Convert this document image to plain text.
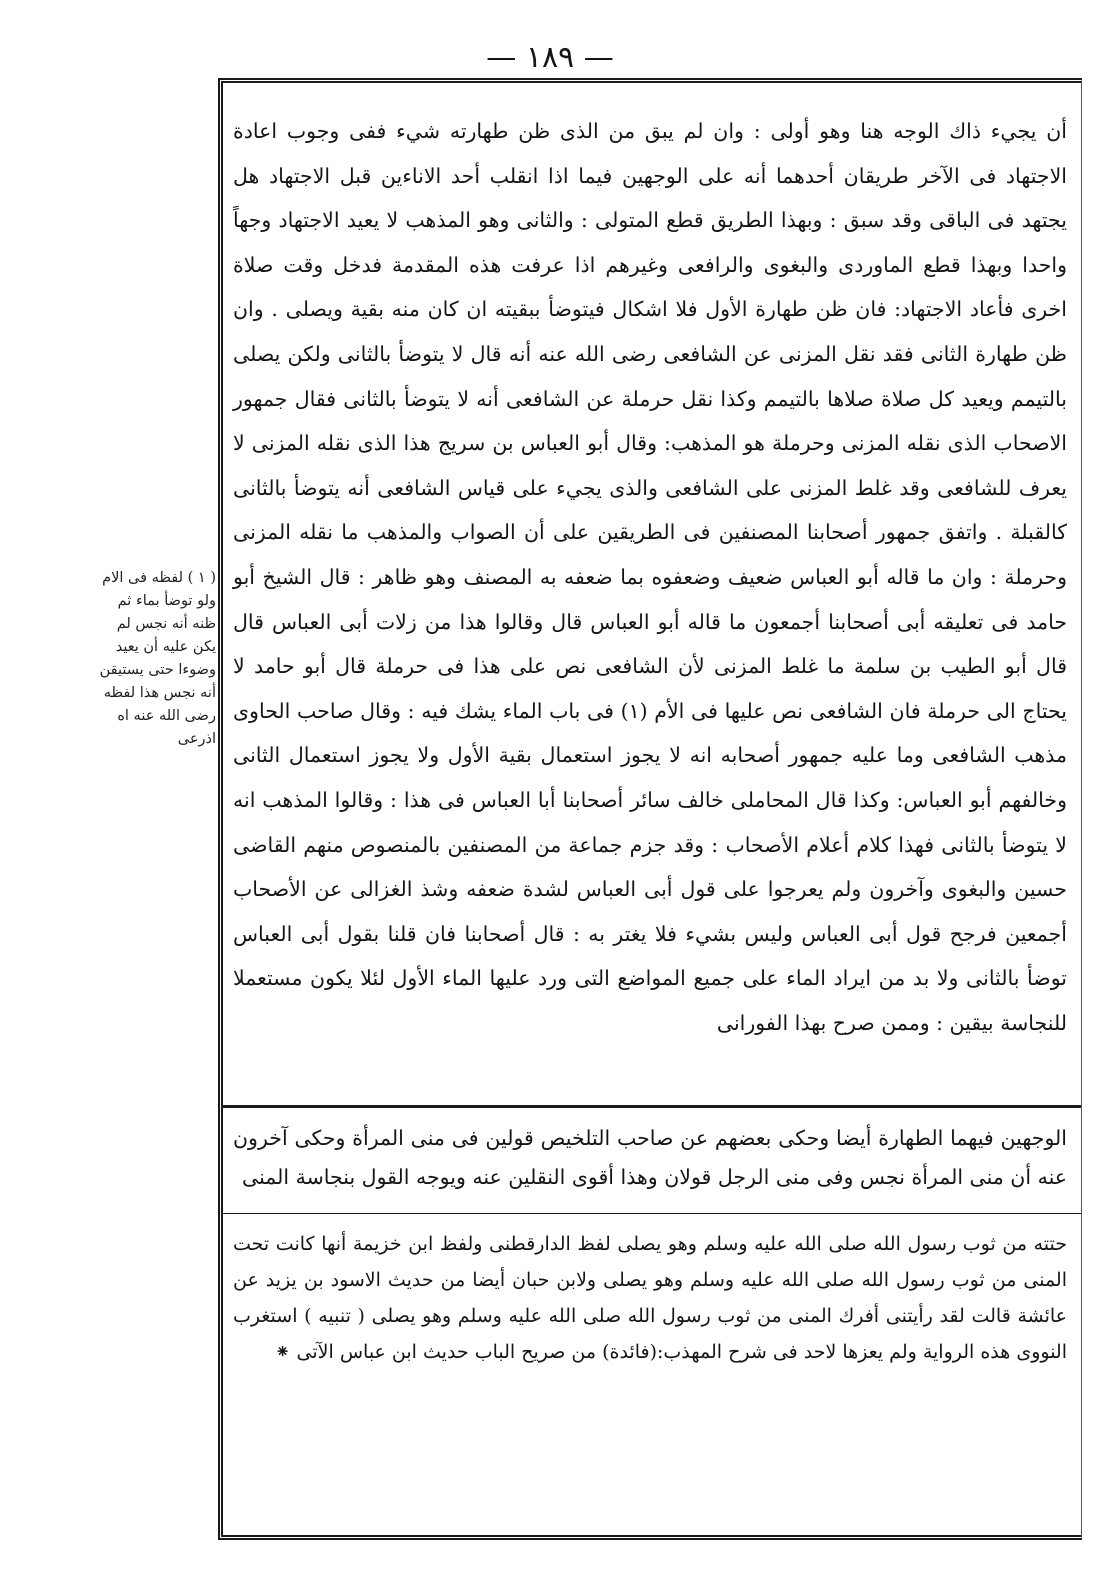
— ١٨٩ —

أن يجيء ذاك الوجه هنا وهو أولى : وان لم يبق من الذى ظن طهارته شيء ففى وجوب اعادة الاجتهاد فى الآخر طريقان أحدهما أنه على الوجهين فيما اذا انقلب أحد الاناءين قبل الاجتهاد هل يجتهد فى الباقى وقد سبق : وبهذا الطريق قطع المتولى : والثانى وهو المذهب لا يعيد الاجتهاد وجهاً واحدا وبهذا قطع الماوردى والبغوى والرافعى وغيرهم اذا عرفت هذه المقدمة فدخل وقت صلاة اخرى فأعاد الاجتهاد: فان ظن طهارة الأول فلا اشكال فيتوضأ ببقيته ان كان منه بقية ويصلى . وان ظن طهارة الثانى فقد نقل المزنى عن الشافعى رضى الله عنه أنه قال لا يتوضأ بالثانى ولكن يصلى بالتيمم ويعيد كل صلاة صلاها بالتيمم وكذا نقل حرملة عن الشافعى أنه لا يتوضأ بالثانى فقال جمهور الاصحاب الذى نقله المزنى وحرملة هو المذهب: وقال أبو العباس بن سريج هذا الذى نقله المزنى لا يعرف للشافعى وقد غلط المزنى على الشافعى والذى يجيء على قياس الشافعى أنه يتوضأ بالثانى كالقبلة . واتفق جمهور أصحابنا المصنفين فى الطريقين على أن الصواب والمذهب ما نقله المزنى وحرملة : وان ما قاله أبو العباس ضعيف وضعفوه بما ضعفه به المصنف وهو ظاهر : قال الشيخ أبو حامد فى تعليقه أبى أصحابنا أجمعون ما قاله أبو العباس قال وقالوا هذا من زلات أبى العباس قال قال أبو الطيب بن سلمة ما غلط المزنى لأن الشافعى نص على هذا فى حرملة قال أبو حامد لا يحتاج الى حرملة فان الشافعى نص عليها فى الأم (١) فى باب الماء يشك فيه : وقال صاحب الحاوى مذهب الشافعى وما عليه جمهور أصحابه انه لا يجوز استعمال بقية الأول ولا يجوز استعمال الثانى وخالفهم أبو العباس: وكذا قال المحاملى خالف سائر أصحابنا أبا العباس فى هذا : وقالوا المذهب انه لا يتوضأ بالثانى فهذا كلام أعلام الأصحاب : وقد جزم جماعة من المصنفين بالمنصوص منهم القاضى حسين والبغوى وآخرون ولم يعرجوا على قول أبى العباس لشدة ضعفه وشذ الغزالى عن الأصحاب أجمعين فرجح قول أبى العباس وليس بشيء فلا يغتر به : قال أصحابنا فان قلنا بقول أبى العباس توضأ بالثانى ولا بد من ايراد الماء على جميع المواضع التى ورد عليها الماء الأول لئلا يكون مستعملا للنجاسة بيقين : وممن صرح بهذا الفورانى

الوجهين فيهما الطهارة أيضا وحكى بعضهم عن صاحب التلخيص قولين فى منى المرأة وحكى آخرون عنه أن منى المرأة نجس وفى منى الرجل قولان وهذا أقوى النقلين عنه ويوجه القول بنجاسة المنى

حتته من ثوب رسول الله صلى الله عليه وسلم وهو يصلى لفظ الدارقطنى ولفظ ابن خزيمة أنها كانت تحت المنى من ثوب رسول الله صلى الله عليه وسلم وهو يصلى ولابن حبان أيضا من حديث الاسود بن يزيد عن عائشة قالت لقد رأيتنى أفرك المنى من ثوب رسول الله صلى الله عليه وسلم وهو يصلى ( تنبيه ) استغرب النووى هذه الرواية ولم يعزها لاحد فى شرح المهذب:(فائدة) من صريح الباب حديث ابن عباس الآتى ⁕

( ١ ) لفظه فى الام ولو توضأ بماء ثم ظنه أنه نجس لم يكن عليه أن يعيد وضوءا حتى يستيقن أنه نجس هذا لفظه رضى الله عنه اه اذرعى
